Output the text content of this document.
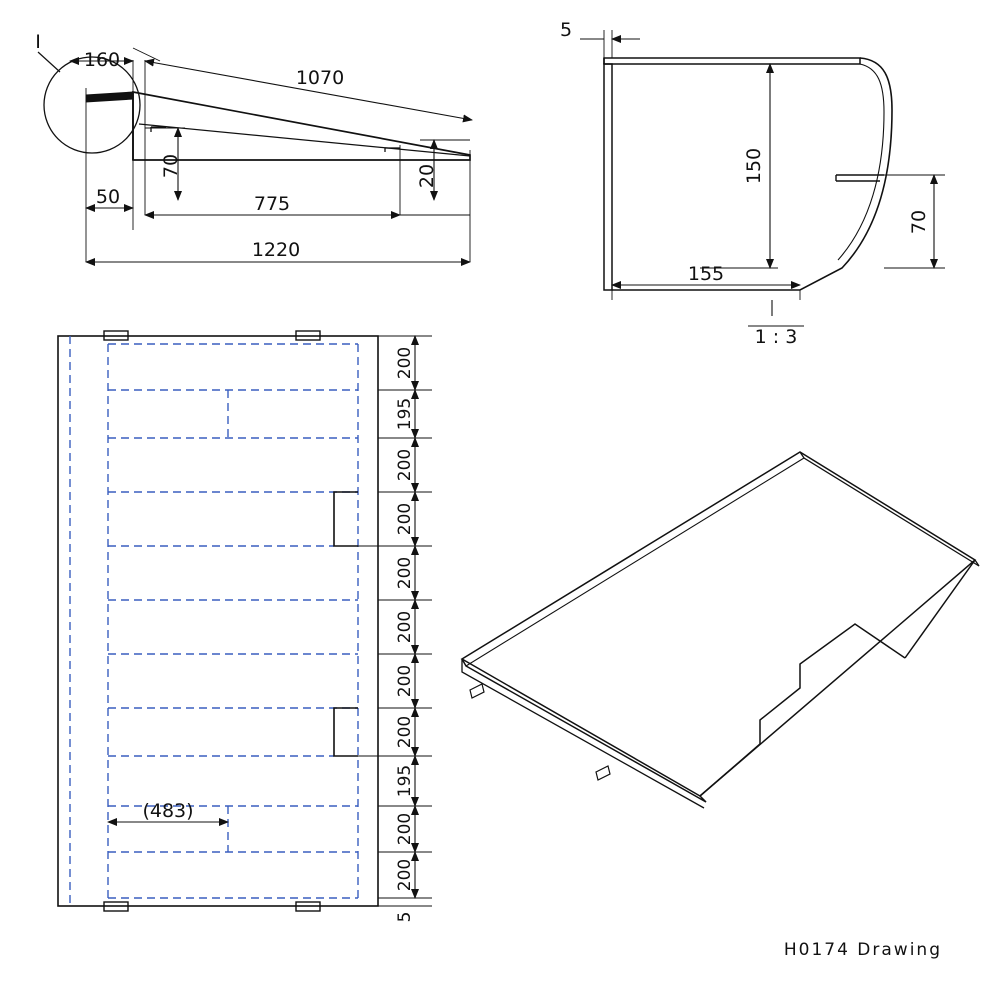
I
160
1070
70	20
50	775
1220
5
150
70
155
1 : 3
200
195
200
200
200
200
200
200
195
200
200
5
(483)
H0174 Drawing
